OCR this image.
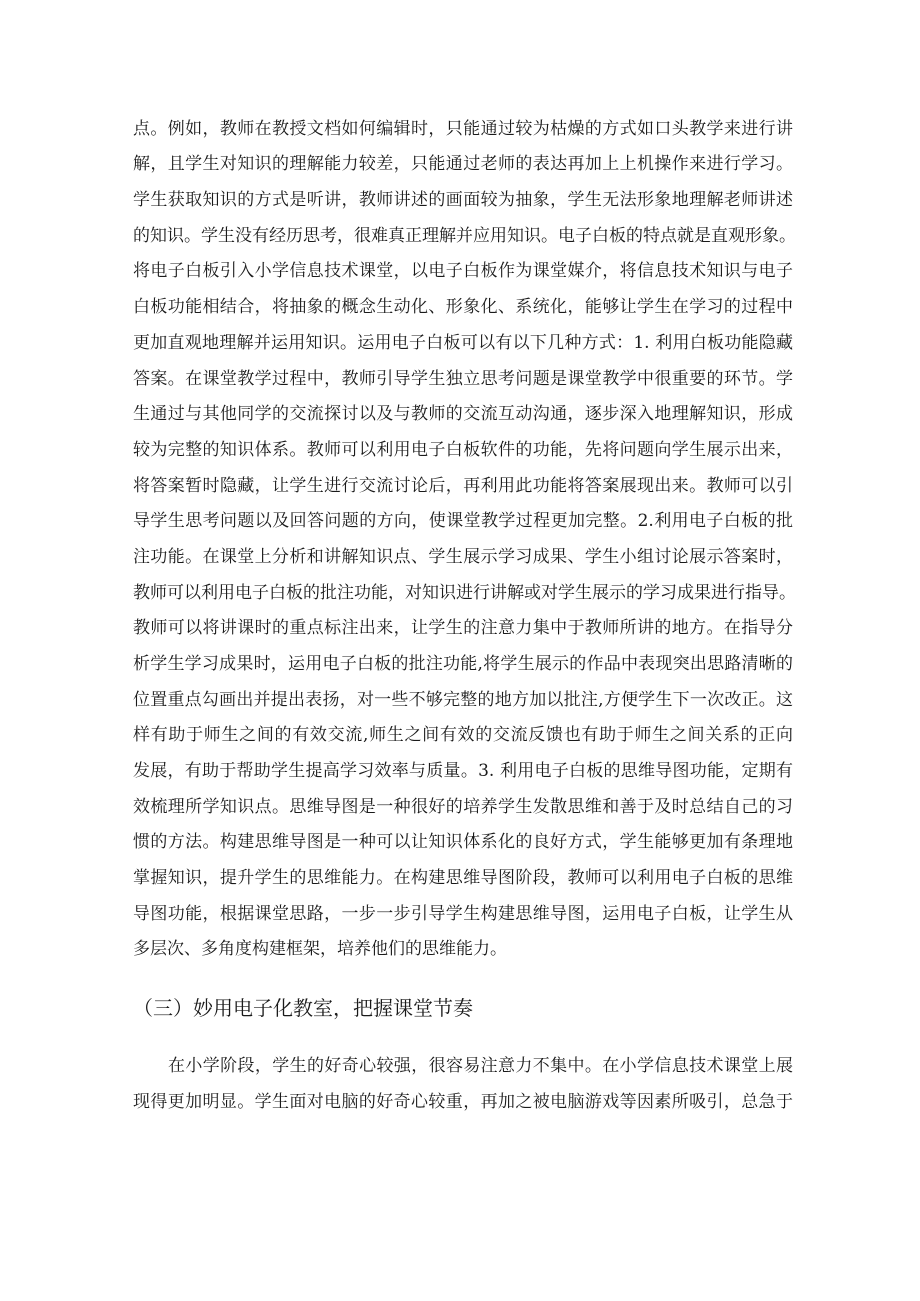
点。例如，教师在教授文档如何编辑时，只能通过较为枯燥的方式如口头教学来进行讲
解，且学生对知识的理解能力较差，只能通过老师的表达再加上上机操作来进行学习。
学生获取知识的方式是听讲，教师讲述的画面较为抽象，学生无法形象地理解老师讲述
的知识。学生没有经历思考，很难真正理解并应用知识。电子白板的特点就是直观形象。
将电子白板引入小学信息技术课堂，以电子白板作为课堂媒介，将信息技术知识与电子
白板功能相结合，将抽象的概念生动化、形象化、系统化，能够让学生在学习的过程中
更加直观地理解并运用知识。运用电子白板可以有以下几种方式：1. 利用白板功能隐藏
答案。在课堂教学过程中，教师引导学生独立思考问题是课堂教学中很重要的环节。学
生通过与其他同学的交流探讨以及与教师的交流互动沟通，逐步深入地理解知识，形成
较为完整的知识体系。教师可以利用电子白板软件的功能，先将问题向学生展示出来，
将答案暂时隐藏，让学生进行交流讨论后，再利用此功能将答案展现出来。教师可以引
导学生思考问题以及回答问题的方向，使课堂教学过程更加完整。2.利用电子白板的批
注功能。在课堂上分析和讲解知识点、学生展示学习成果、学生小组讨论展示答案时，
教师可以利用电子白板的批注功能，对知识进行讲解或对学生展示的学习成果进行指导。
教师可以将讲课时的重点标注出来，让学生的注意力集中于教师所讲的地方。在指导分
析学生学习成果时，运用电子白板的批注功能,将学生展示的作品中表现突出思路清晰的
位置重点勾画出并提出表扬，对一些不够完整的地方加以批注,方便学生下一次改正。这
样有助于师生之间的有效交流,师生之间有效的交流反馈也有助于师生之间关系的正向
发展，有助于帮助学生提高学习效率与质量。3. 利用电子白板的思维导图功能，定期有
效梳理所学知识点。思维导图是一种很好的培养学生发散思维和善于及时总结自己的习
惯的方法。构建思维导图是一种可以让知识体系化的良好方式，学生能够更加有条理地
掌握知识，提升学生的思维能力。在构建思维导图阶段，教师可以利用电子白板的思维
导图功能，根据课堂思路，一步一步引导学生构建思维导图，运用电子白板，让学生从
多层次、多角度构建框架，培养他们的思维能力。
（三）妙用电子化教室，把握课堂节奏
在小学阶段，学生的好奇心较强，很容易注意力不集中。在小学信息技术课堂上展
现得更加明显。学生面对电脑的好奇心较重，再加之被电脑游戏等因素所吸引，总急于
